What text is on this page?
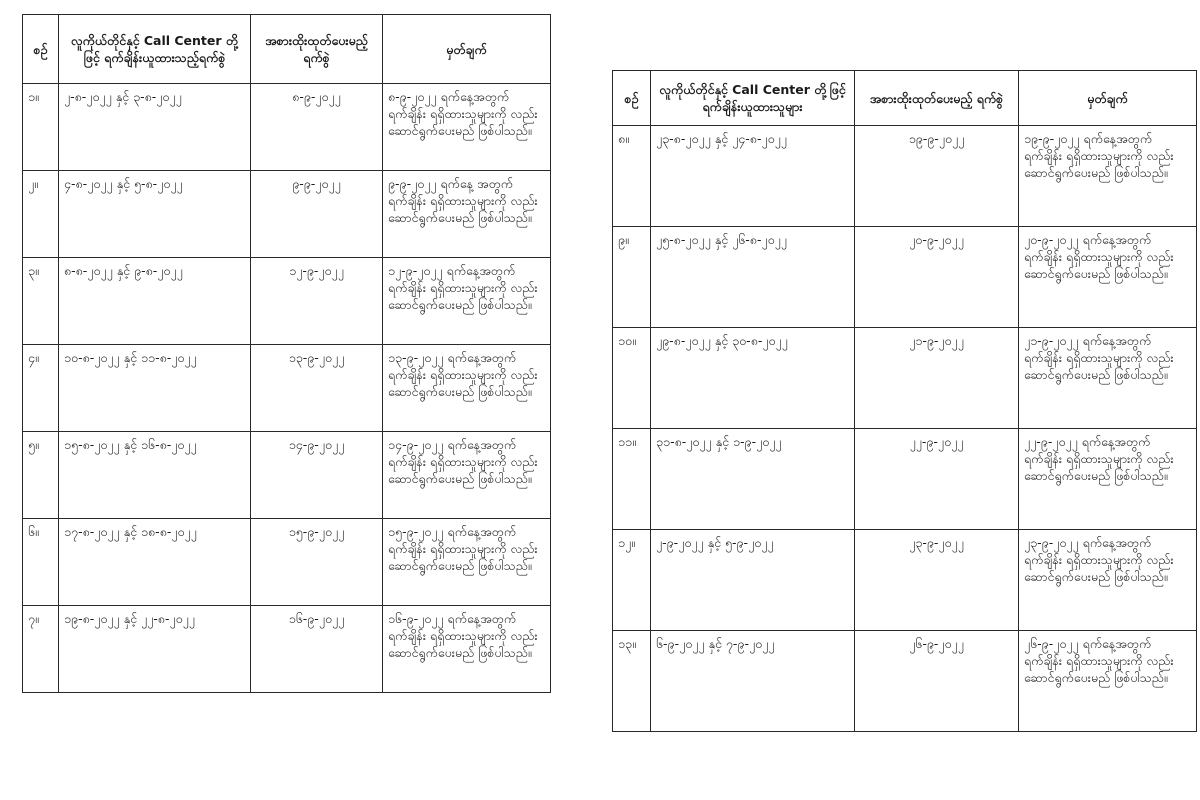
စဉ်	လူကိုယ်တိုင်နှင့် Call Center တို့ဖြင့် ရက်ချိန်းယူထားသည့်ရက်စွဲ	အစားထိုးထုတ်ပေးမည့် ရက်စွဲ	မှတ်ချက်
၁။	၂-၈-၂၀၂၂ နှင့် ၃-၈-၂၀၂၂	၈-၉-၂၀၂၂	၈-၉-၂၀၂၂ ရက်နေ့အတွက် ရက်ချိန်း ရရှိထားသူများကို လည်း ဆောင်ရွက်ပေးမည် ဖြစ်ပါသည်။
၂။	၄-၈-၂၀၂၂ နှင့် ၅-၈-၂၀၂၂	၉-၉-၂၀၂၂	၉-၉-၂၀၂၂ ရက်နေ့ အတွက် ရက်ချိန်း ရရှိထားသူများကို လည်း ဆောင်ရွက်ပေးမည် ဖြစ်ပါသည်။
၃။	၈-၈-၂၀၂၂ နှင့် ၉-၈-၂၀၂၂	၁၂-၉-၂၀၂၂	၁၂-၉-၂၀၂၂ ရက်နေ့အတွက် ရက်ချိန်း ရရှိထားသူများကို လည်း ဆောင်ရွက်ပေးမည် ဖြစ်ပါသည်။
၄။	၁၀-၈-၂၀၂၂ နှင့် ၁၁-၈-၂၀၂၂	၁၃-၉-၂၀၂၂	၁၃-၉-၂၀၂၂ ရက်နေ့အတွက် ရက်ချိန်း ရရှိထားသူများကို လည်း ဆောင်ရွက်ပေးမည် ဖြစ်ပါသည်။
၅။	၁၅-၈-၂၀၂၂ နှင့် ၁၆-၈-၂၀၂၂	၁၄-၉-၂၀၂၂	၁၄-၉-၂၀၂၂ ရက်နေ့အတွက် ရက်ချိန်း ရရှိထားသူများကို လည်း ဆောင်ရွက်ပေးမည် ဖြစ်ပါသည်။
၆။	၁၇-၈-၂၀၂၂ နှင့် ၁၈-၈-၂၀၂၂	၁၅-၉-၂၀၂၂	၁၅-၉-၂၀၂၂ ရက်နေ့အတွက် ရက်ချိန်း ရရှိထားသူများကို လည်း ဆောင်ရွက်ပေးမည် ဖြစ်ပါသည်။
၇။	၁၉-၈-၂၀၂၂ နှင့် ၂၂-၈-၂၀၂၂	၁၆-၉-၂၀၂၂	၁၆-၉-၂၀၂၂ ရက်နေ့အတွက် ရက်ချိန်း ရရှိထားသူများကို လည်း ဆောင်ရွက်ပေးမည် ဖြစ်ပါသည်။
စဉ်	လူကိုယ်တိုင်နှင့် Call Center တို့ဖြင့် ရက်ချိန်းယူထားသူများ	အစားထိုးထုတ်ပေးမည့် ရက်စွဲ	မှတ်ချက်
၈။	၂၃-၈-၂၀၂၂ နှင့် ၂၄-၈-၂၀၂၂	၁၉-၉-၂၀၂၂	၁၉-၉-၂၀၂၂ ရက်နေ့အတွက် ရက်ချိန်း ရရှိထားသူများကို လည်း ဆောင်ရွက်ပေးမည် ဖြစ်ပါသည်။
၉။	၂၅-၈-၂၀၂၂ နှင့် ၂၆-၈-၂၀၂၂	၂၀-၉-၂၀၂၂	၂၀-၉-၂၀၂၂ ရက်နေ့အတွက် ရက်ချိန်း ရရှိထားသူများကို လည်း ဆောင်ရွက်ပေးမည် ဖြစ်ပါသည်။
၁၀။	၂၉-၈-၂၀၂၂ နှင့် ၃၀-၈-၂၀၂၂	၂၁-၉-၂၀၂၂	၂၁-၉-၂၀၂၂ ရက်နေ့အတွက် ရက်ချိန်း ရရှိထားသူများကို လည်း ဆောင်ရွက်ပေးမည် ဖြစ်ပါသည်။
၁၁။	၃၁-၈-၂၀၂၂ နှင့် ၁-၉-၂၀၂၂	၂၂-၉-၂၀၂၂	၂၂-၉-၂၀၂၂ ရက်နေ့အတွက် ရက်ချိန်း ရရှိထားသူများကို လည်း ဆောင်ရွက်ပေးမည် ဖြစ်ပါသည်။
၁၂။	၂-၉-၂၀၂၂ နှင့် ၅-၉-၂၀၂၂	၂၃-၉-၂၀၂၂	၂၃-၉-၂၀၂၂ ရက်နေ့အတွက် ရက်ချိန်း ရရှိထားသူများကို လည်း ဆောင်ရွက်ပေးမည် ဖြစ်ပါသည်။
၁၃။	၆-၉-၂၀၂၂ နှင့် ၇-၉-၂၀၂၂	၂၆-၉-၂၀၂၂	၂၆-၉-၂၀၂၂ ရက်နေ့အတွက် ရက်ချိန်း ရရှိထားသူများကို လည်း ဆောင်ရွက်ပေးမည် ဖြစ်ပါသည်။
